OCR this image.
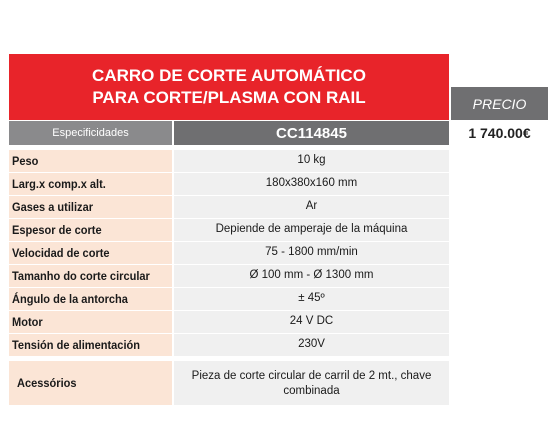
CARRO DE CORTE AUTOMÁTICO
PARA CORTE/PLASMA CON RAIL	PRECIO
1 740.00€
Especificidades	CC114845
Peso	10 kg
Larg.x comp.x alt.	180x380x160 mm
Gases a utilizar	Ar
Espesor de corte	Depiende de amperaje de la máquina
Velocidad de corte	75 - 1800 mm/min
Tamanho do corte circular	Ø 100 mm - Ø 1300 mm
Ángulo de la antorcha	± 45º
Motor	24 V DC
Tensión de alimentación	230V
Acessórios	Pieza de corte circular de carril de 2 mt., chave combinada
